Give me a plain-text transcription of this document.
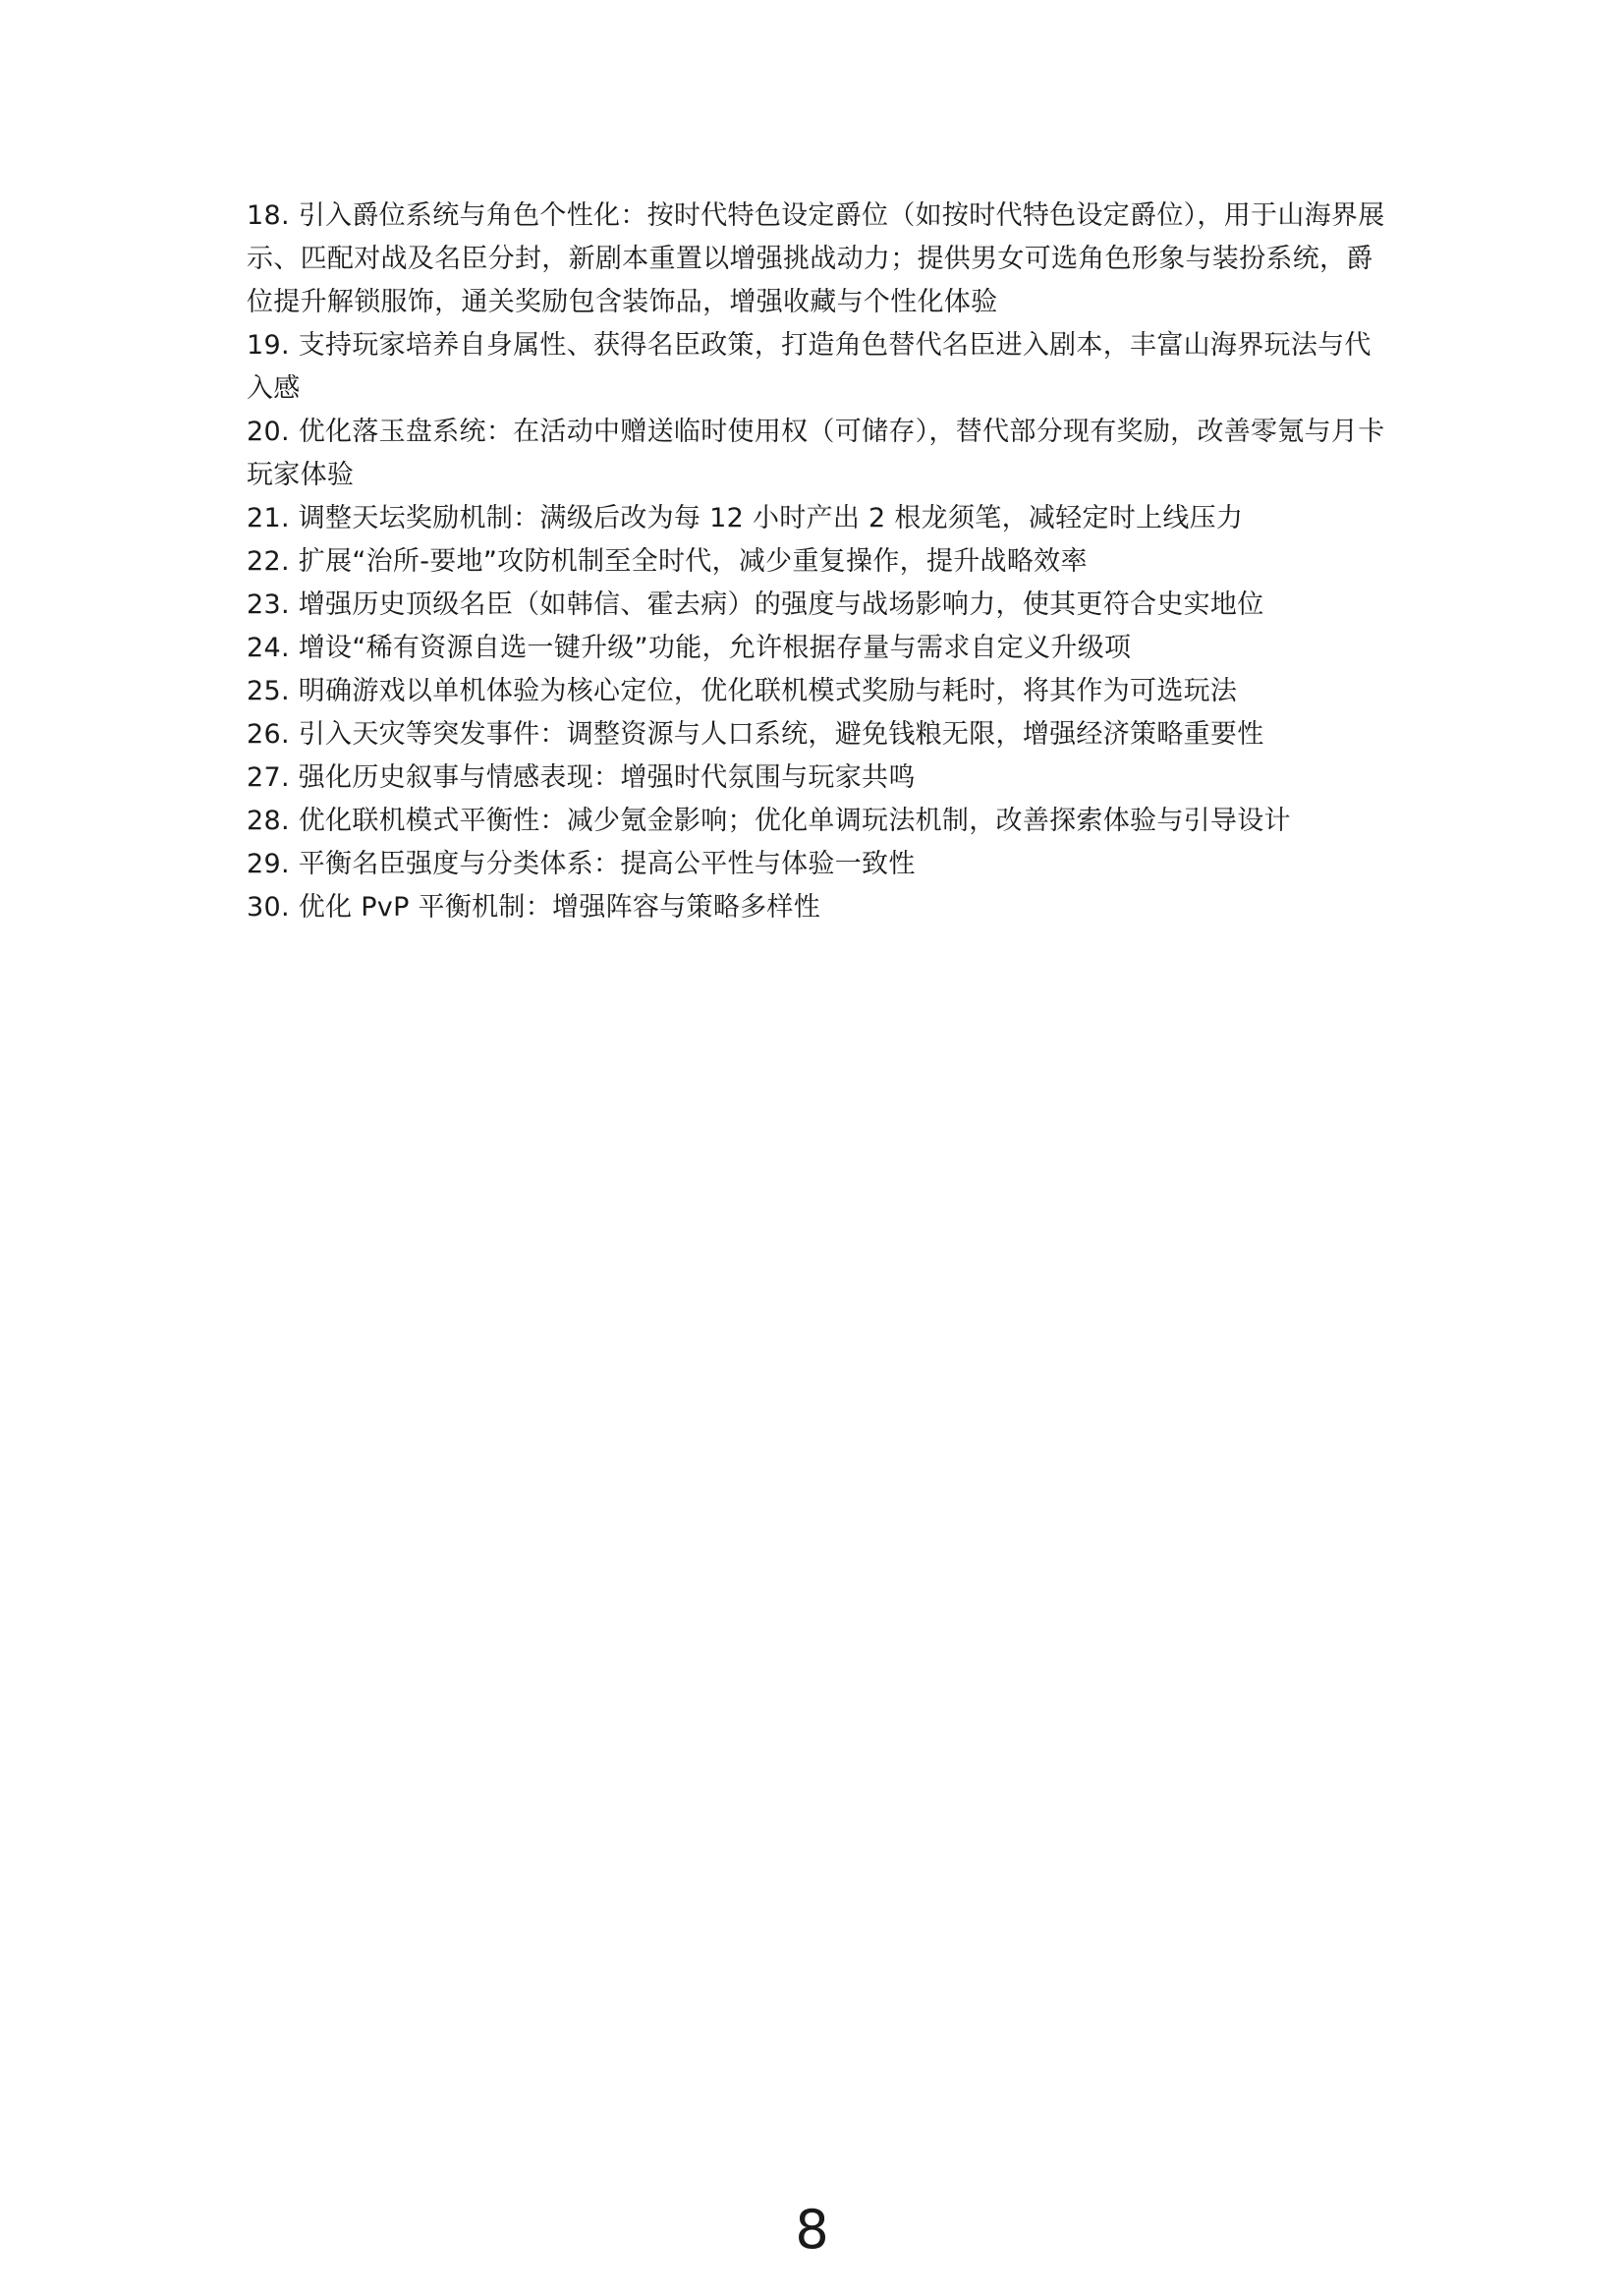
18. 引入爵位系统与角色个性化：按时代特色设定爵位（如按时代特色设定爵位），用于山海界展示、匹配对战及名臣分封，新剧本重置以增强挑战动力；提供男女可选角色形象与装扮系统，爵位提升解锁服饰，通关奖励包含装饰品，增强收藏与个性化体验

19. 支持玩家培养自身属性、获得名臣政策，打造角色替代名臣进入剧本，丰富山海界玩法与代入感

20. 优化落玉盘系统：在活动中赠送临时使用权（可储存），替代部分现有奖励，改善零氪与月卡玩家体验

21. 调整天坛奖励机制：满级后改为每 12 小时产出 2 根龙须笔，减轻定时上线压力

22. 扩展“治所-要地”攻防机制至全时代，减少重复操作，提升战略效率

23. 增强历史顶级名臣（如韩信、霍去病）的强度与战场影响力，使其更符合史实地位

24. 增设“稀有资源自选一键升级”功能，允许根据存量与需求自定义升级项

25. 明确游戏以单机体验为核心定位，优化联机模式奖励与耗时，将其作为可选玩法

26. 引入天灾等突发事件：调整资源与人口系统，避免钱粮无限，增强经济策略重要性

27. 强化历史叙事与情感表现：增强时代氛围与玩家共鸣

28. 优化联机模式平衡性：减少氪金影响；优化单调玩法机制，改善探索体验与引导设计

29. 平衡名臣强度与分类体系：提高公平性与体验一致性

30. 优化 PvP 平衡机制：增强阵容与策略多样性

8
